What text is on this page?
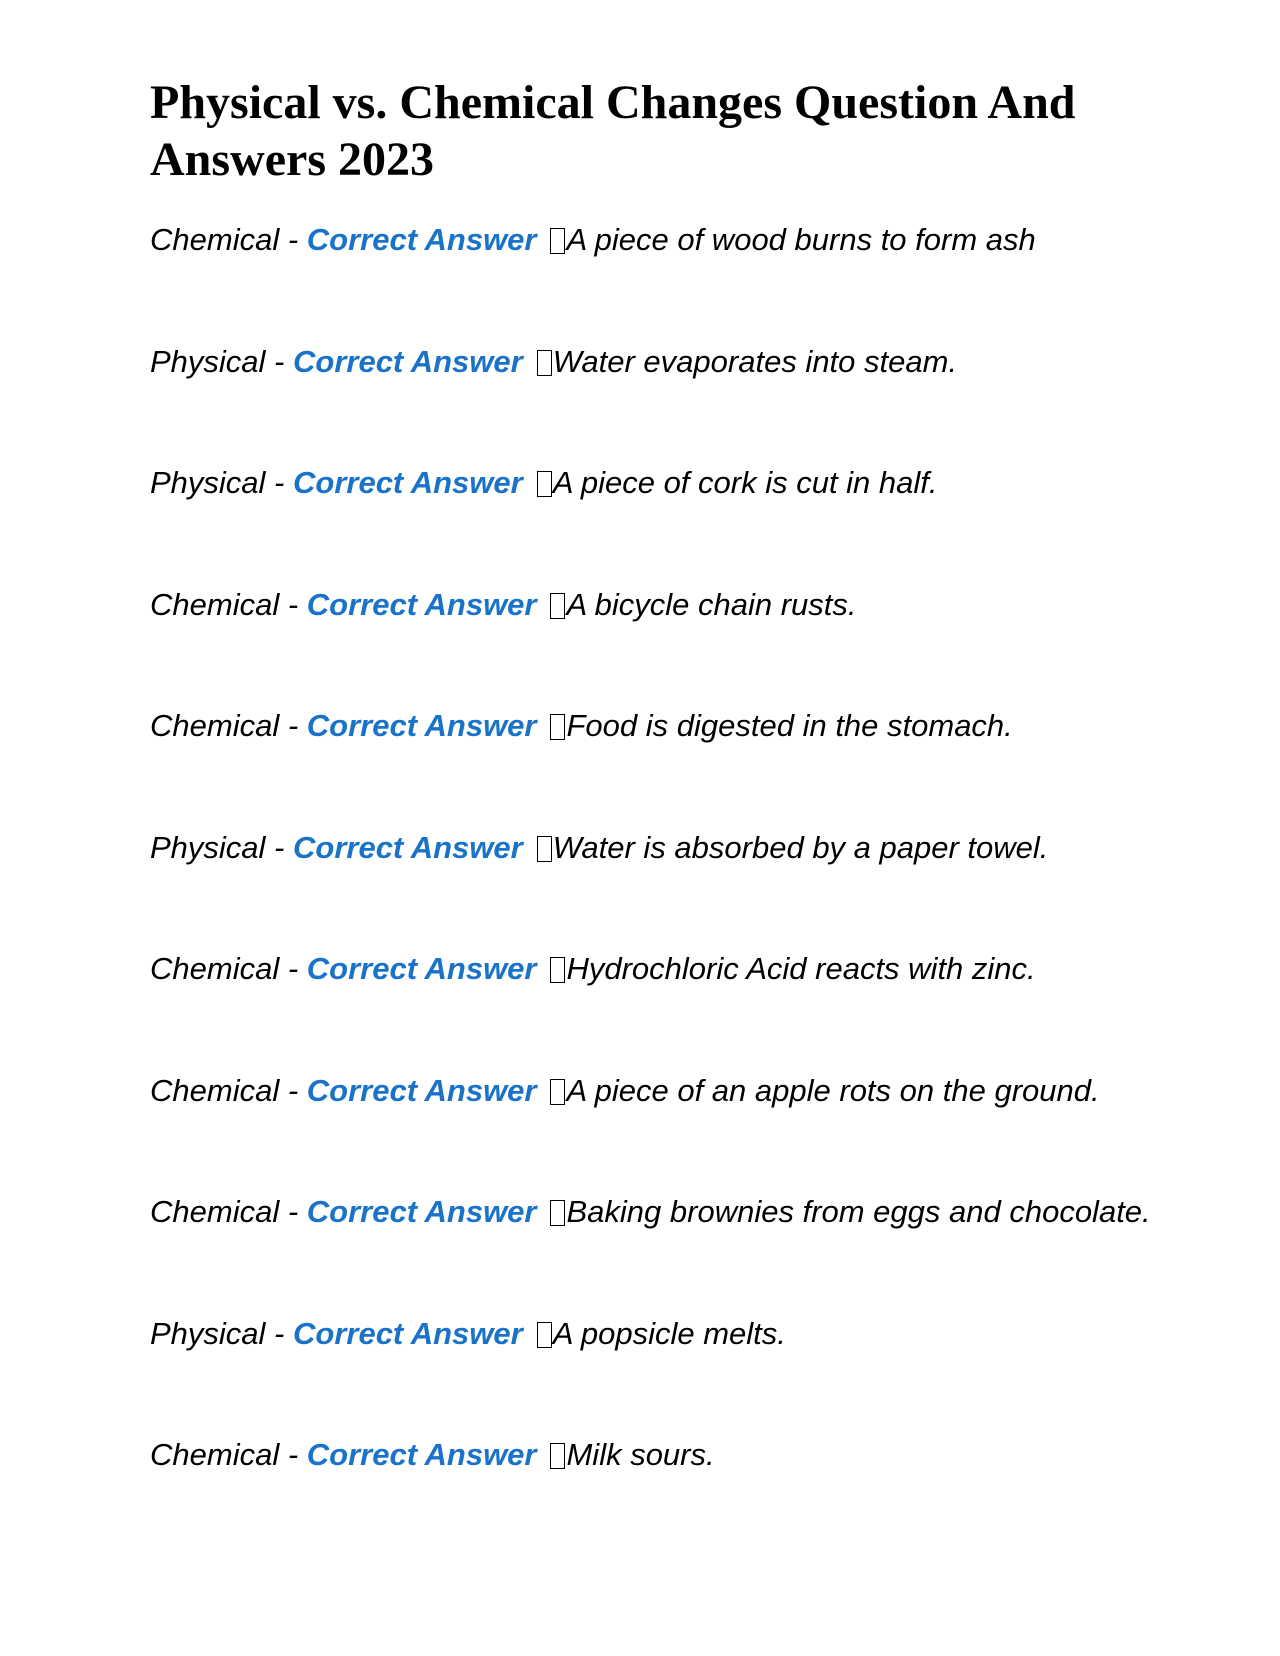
Physical vs. Chemical Changes Question And Answers 2023
Chemical - Correct Answer A piece of wood burns to form ash
Physical - Correct Answer Water evaporates into steam.
Physical - Correct Answer A piece of cork is cut in half.
Chemical - Correct Answer A bicycle chain rusts.
Chemical - Correct Answer Food is digested in the stomach.
Physical - Correct Answer Water is absorbed by a paper towel.
Chemical - Correct Answer Hydrochloric Acid reacts with zinc.
Chemical - Correct Answer A piece of an apple rots on the ground.
Chemical - Correct Answer Baking brownies from eggs and chocolate.
Physical - Correct Answer A popsicle melts.
Chemical - Correct Answer Milk sours.
